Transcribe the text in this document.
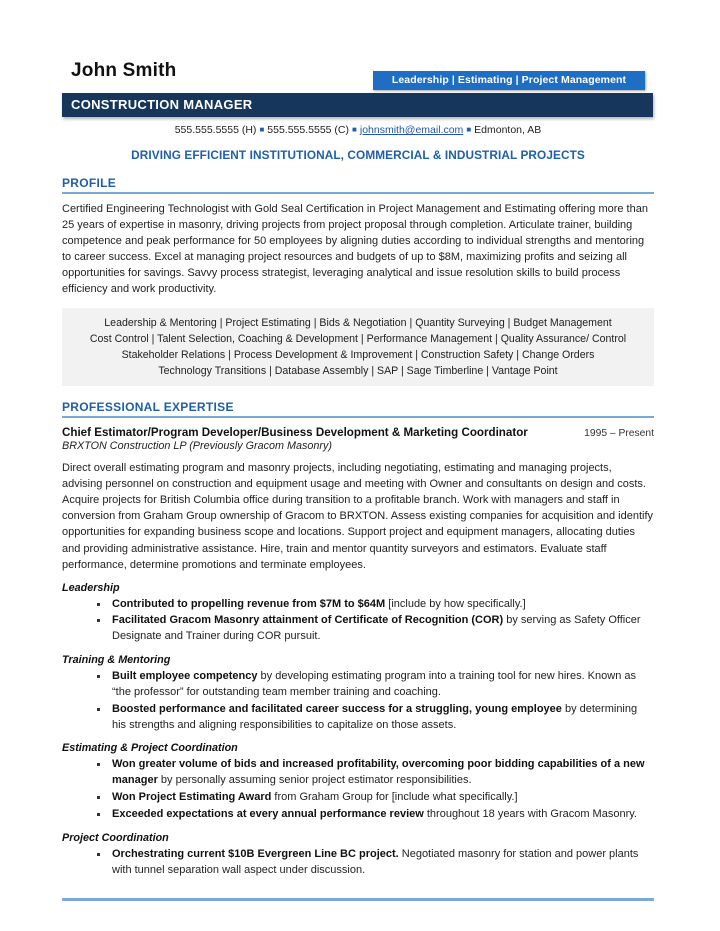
John Smith	Leadership | Estimating | Project Management
CONSTRUCTION MANAGER
555.555.5555 (H) ■ 555.555.5555 (C) ■ johnsmith@email.com ■ Edmonton, AB
DRIVING EFFICIENT INSTITUTIONAL, COMMERCIAL & INDUSTRIAL PROJECTS
PROFILE
Certified Engineering Technologist with Gold Seal Certification in Project Management and Estimating offering more than 25 years of expertise in masonry, driving projects from project proposal through completion. Articulate trainer, building competence and peak performance for 50 employees by aligning duties according to individual strengths and mentoring to career success. Excel at managing project resources and budgets of up to $8M, maximizing profits and seizing all opportunities for savings. Savvy process strategist, leveraging analytical and issue resolution skills to build process efficiency and work productivity.
Leadership & Mentoring | Project Estimating | Bids & Negotiation | Quantity Surveying | Budget Management
Cost Control | Talent Selection, Coaching & Development | Performance Management | Quality Assurance/ Control
Stakeholder Relations | Process Development & Improvement | Construction Safety | Change Orders
Technology Transitions | Database Assembly | SAP | Sage Timberline | Vantage Point
PROFESSIONAL EXPERTISE
Chief Estimator/Program Developer/Business Development & Marketing Coordinator	1995 – Present
BRXTON Construction LP (Previously Gracom Masonry)
Direct overall estimating program and masonry projects, including negotiating, estimating and managing projects, advising personnel on construction and equipment usage and meeting with Owner and consultants on design and costs. Acquire projects for British Columbia office during transition to a profitable branch. Work with managers and staff in conversion from Graham Group ownership of Gracom to BRXTON. Assess existing companies for acquisition and identify opportunities for expanding business scope and locations. Support project and equipment managers, allocating duties and providing administrative assistance. Hire, train and mentor quantity surveyors and estimators. Evaluate staff performance, determine promotions and terminate employees.
Leadership
Contributed to propelling revenue from $7M to $64M [include by how specifically.]
Facilitated Gracom Masonry attainment of Certificate of Recognition (COR) by serving as Safety Officer Designate and Trainer during COR pursuit.
Training & Mentoring
Built employee competency by developing estimating program into a training tool for new hires. Known as “the professor” for outstanding team member training and coaching.
Boosted performance and facilitated career success for a struggling, young employee by determining his strengths and aligning responsibilities to capitalize on those assets.
Estimating & Project Coordination
Won greater volume of bids and increased profitability, overcoming poor bidding capabilities of a new manager by personally assuming senior project estimator responsibilities.
Won Project Estimating Award from Graham Group for [include what specifically.]
Exceeded expectations at every annual performance review throughout 18 years with Gracom Masonry.
Project Coordination
Orchestrating current $10B Evergreen Line BC project. Negotiated masonry for station and power plants with tunnel separation wall aspect under discussion.
